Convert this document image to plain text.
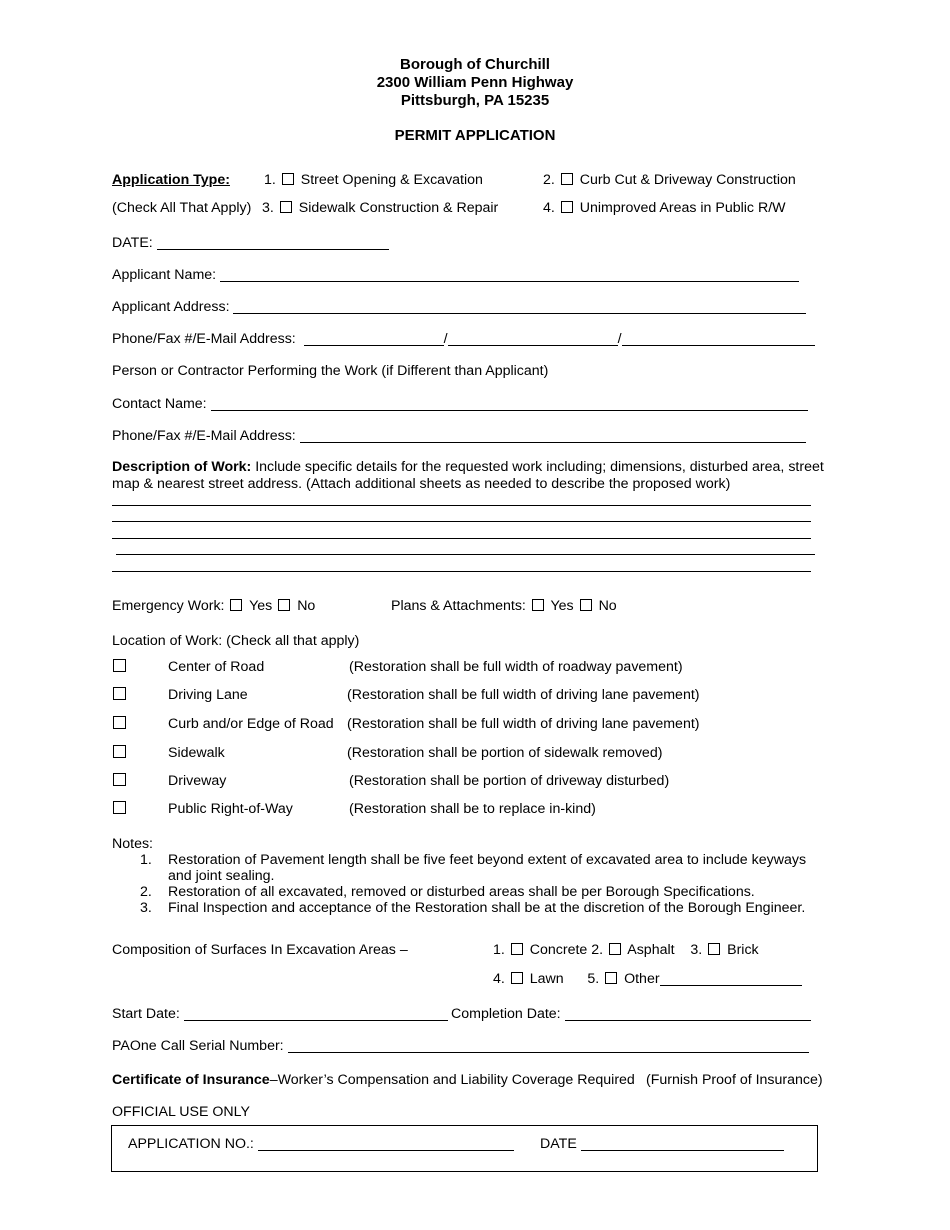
Borough of Churchill
2300 William Penn Highway
Pittsburgh, PA 15235
PERMIT APPLICATION
Application Type: 1. Street Opening & Excavation	2. Curb Cut & Driveway Construction
(Check All That Apply) 3. Sidewalk Construction & Repair	4. Unimproved Areas in Public R/W
DATE:
Applicant Name:
Applicant Address:
Phone/Fax #/E-Mail Address:	/	/
Person or Contractor Performing the Work (if Different than Applicant)
Contact Name:
Phone/Fax #/E-Mail Address:
Description of Work: Include specific details for the requested work including; dimensions, disturbed area, street map & nearest street address. (Attach additional sheets as needed to describe the proposed work)
Emergency Work: Yes No	Plans & Attachments: Yes No
Location of Work: (Check all that apply)
Center of Road	(Restoration shall be full width of roadway pavement)
Driving Lane	(Restoration shall be full width of driving lane pavement)
Curb and/or Edge of Road (Restoration shall be full width of driving lane pavement)
Sidewalk	(Restoration shall be portion of sidewalk removed)
Driveway	(Restoration shall be portion of driveway disturbed)
Public Right-of-Way	(Restoration shall be to replace in-kind)
Notes:
1. Restoration of Pavement length shall be five feet beyond extent of excavated area to include keyways and joint sealing.
2. Restoration of all excavated, removed or disturbed areas shall be per Borough Specifications.
3. Final Inspection and acceptance of the Restoration shall be at the discretion of the Borough Engineer.
Composition of Surfaces In Excavation Areas –	1. Concrete 2. Asphalt 3. Brick
4. Lawn 5. Other
Start Date:	Completion Date:
PAOne Call Serial Number:
Certificate of Insurance–Worker’s Compensation and Liability Coverage Required (Furnish Proof of Insurance)
OFFICIAL USE ONLY
APPLICATION NO.:	DATE
